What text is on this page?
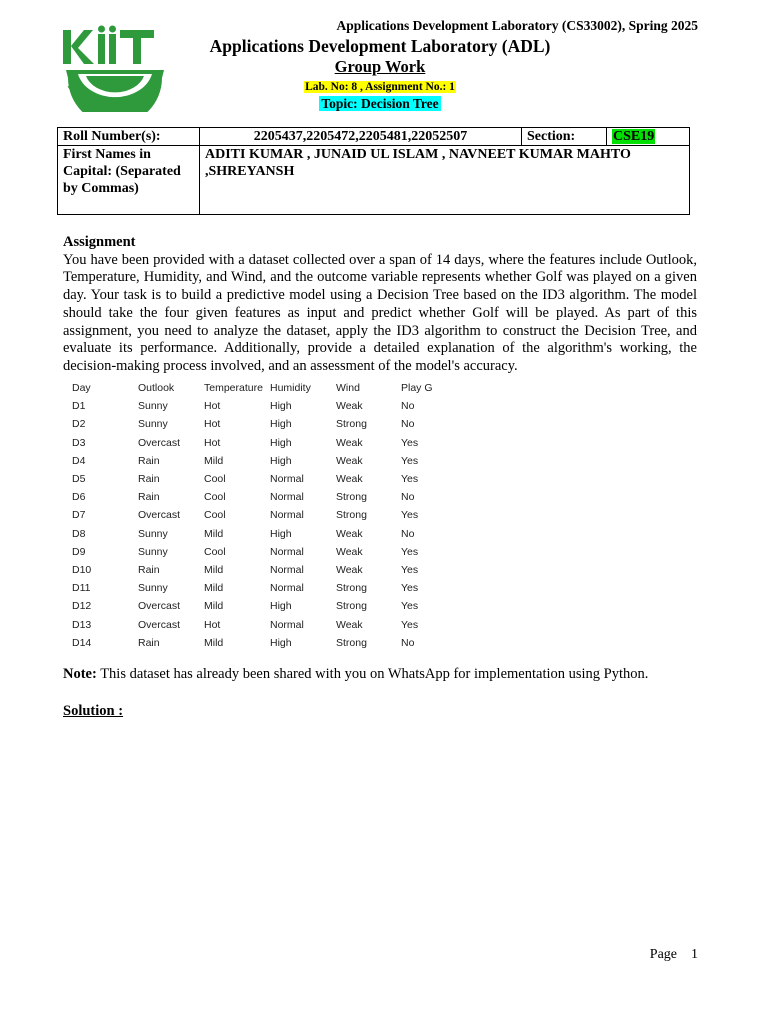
Applications Development Laboratory (CS33002), Spring 2025
Applications Development Laboratory (ADL)
Group Work
Lab. No: 8 , Assignment No.: 1
Topic: Decision Tree
Roll Number(s):	2205437,2205472,2205481,22052507	Section:	CSE19
First Names in Capital: (Separated by Commas)	ADITI KUMAR , JUNAID UL ISLAM , NAVNEET KUMAR MAHTO ,SHREYANSH		
Assignment

You have been provided with a dataset collected over a span of 14 days, where the features include Outlook, Temperature, Humidity, and Wind, and the outcome variable represents whether Golf was played on a given day. Your task is to build a predictive model using a Decision Tree based on the ID3 algorithm. The model should take the four given features as input and predict whether Golf will be played. As part of this assignment, you need to analyze the dataset, apply the ID3 algorithm to construct the Decision Tree, and evaluate its performance. Additionally, provide a detailed explanation of the algorithm's working, the decision-making process involved, and an assessment of the model's accuracy.

Day	Outlook	Temperature	Humidity	Wind	Play G
D1	Sunny	Hot	High	Weak	No
D2	Sunny	Hot	High	Strong	No
D3	Overcast	Hot	High	Weak	Yes
D4	Rain	Mild	High	Weak	Yes
D5	Rain	Cool	Normal	Weak	Yes
D6	Rain	Cool	Normal	Strong	No
D7	Overcast	Cool	Normal	Strong	Yes
D8	Sunny	Mild	High	Weak	No
D9	Sunny	Cool	Normal	Weak	Yes
D10	Rain	Mild	Normal	Weak	Yes
D11	Sunny	Mild	Normal	Strong	Yes
D12	Overcast	Mild	High	Strong	Yes
D13	Overcast	Hot	Normal	Weak	Yes
D14	Rain	Mild	High	Strong	No
Note: This dataset has already been shared with you on WhatsApp for implementation using Python.
Solution :
Page 1
